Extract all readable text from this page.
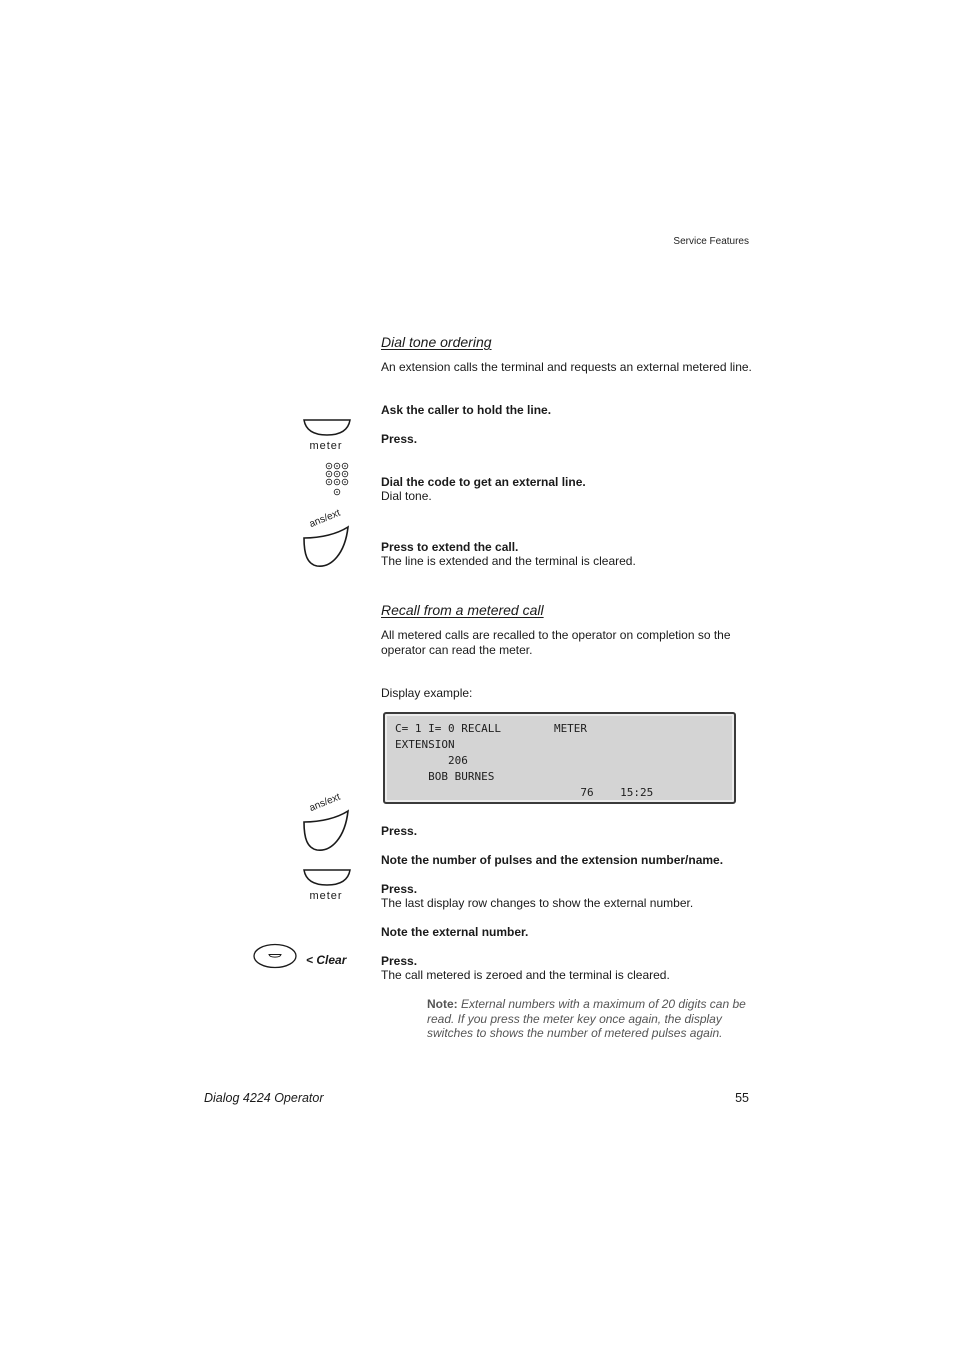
Service Features
Dial tone ordering
An extension calls the terminal and requests an external metered line.
Ask the caller to hold the line.
meter	Press.
Dial the code to get an external line.
Dial tone.
ans/ext
Press to extend the call.
The line is extended and the terminal is cleared.
Recall from a metered call
All metered calls are recalled to the operator on completion so the operator can read the meter.
Display example:
C= 1 I= 0 RECALL        METER
EXTENSION
206
BOB BURNES
76    15:25
ans/ext
Press.
Note the number of pulses and the extension number/name.
meter	Press.
The last display row changes to show the external number.
Note the external number.
< Clear	Press.
The call metered is zeroed and the terminal is cleared.
Note: External numbers with a maximum of 20 digits can be read. If you press the meter key once again, the display switches to shows the number of metered pulses again.
Dialog 4224 Operator	55
